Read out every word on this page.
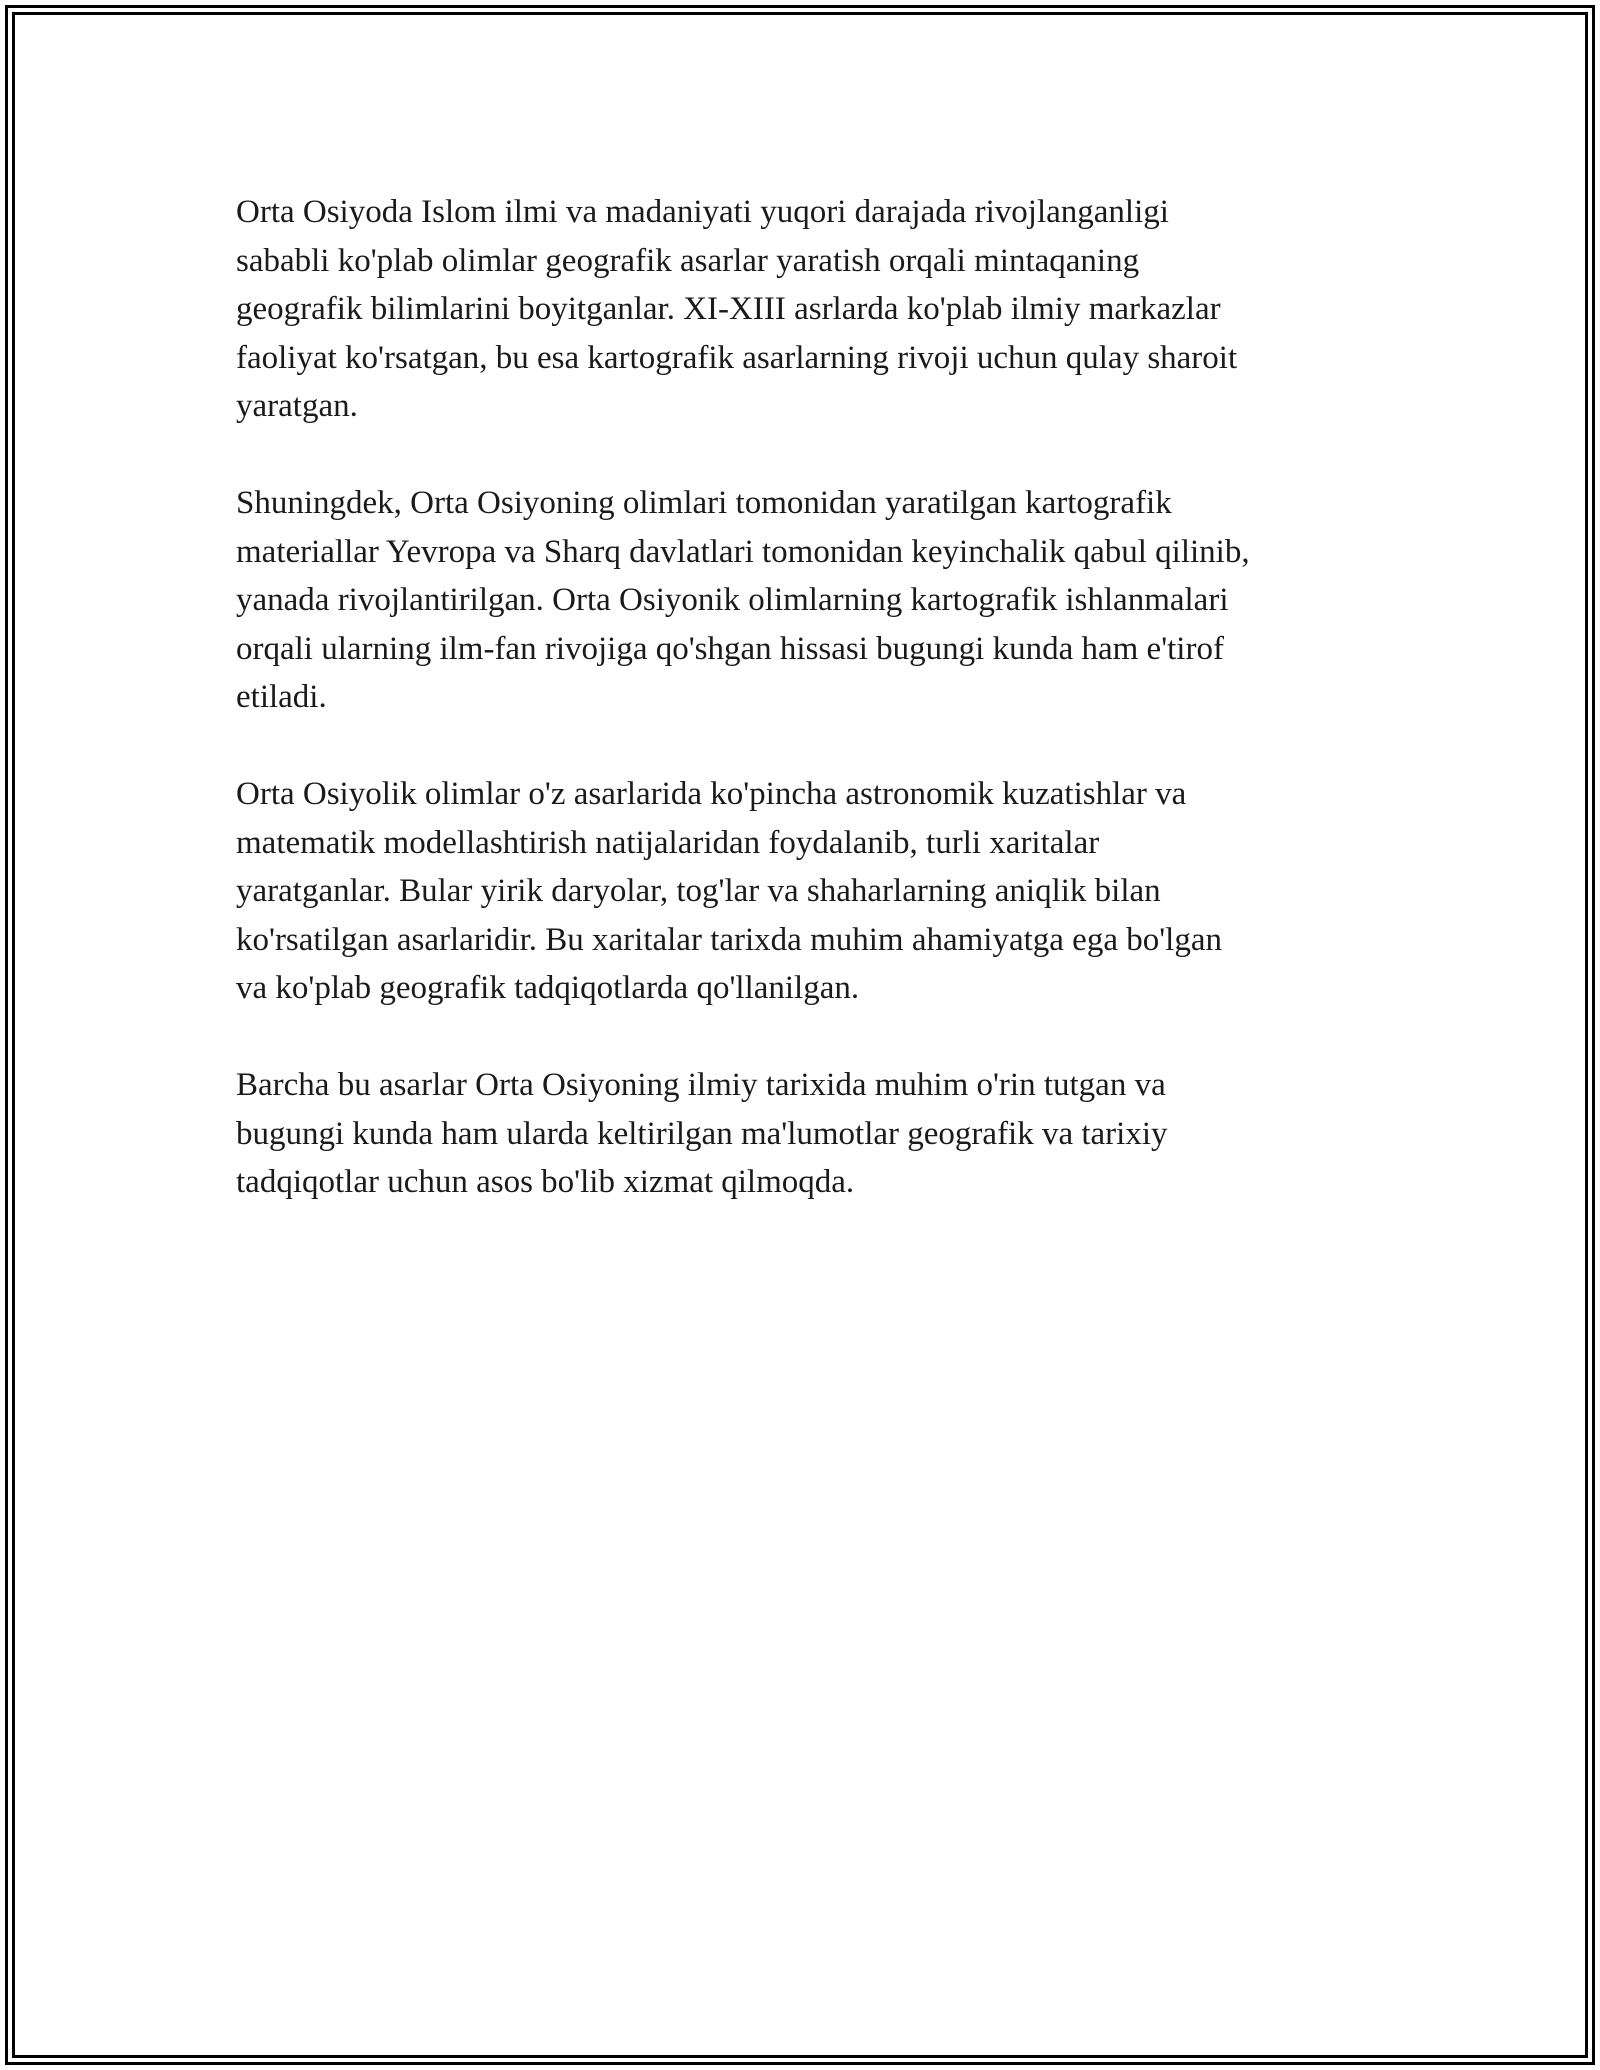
Orta Osiyoda Islom ilmi va madaniyati yuqori darajada rivojlanganligi
sababli ko'plab olimlar geografik asarlar yaratish orqali mintaqaning
geografik bilimlarini boyitganlar. XI-XIII asrlarda ko'plab ilmiy markazlar
faoliyat ko'rsatgan, bu esa kartografik asarlarning rivoji uchun qulay sharoit
yaratgan.

Shuningdek, Orta Osiyoning olimlari tomonidan yaratilgan kartografik
materiallar Yevropa va Sharq davlatlari tomonidan keyinchalik qabul qilinib,
yanada rivojlantirilgan. Orta Osiyonik olimlarning kartografik ishlanmalari
orqali ularning ilm-fan rivojiga qo'shgan hissasi bugungi kunda ham e'tirof
etiladi.

Orta Osiyolik olimlar o'z asarlarida ko'pincha astronomik kuzatishlar va
matematik modellashtirish natijalaridan foydalanib, turli xaritalar
yaratganlar. Bular yirik daryolar, tog'lar va shaharlarning aniqlik bilan
ko'rsatilgan asarlaridir. Bu xaritalar tarixda muhim ahamiyatga ega bo'lgan
va ko'plab geografik tadqiqotlarda qo'llanilgan.

Barcha bu asarlar Orta Osiyoning ilmiy tarixida muhim o'rin tutgan va
bugungi kunda ham ularda keltirilgan ma'lumotlar geografik va tarixiy
tadqiqotlar uchun asos bo'lib xizmat qilmoqda.
